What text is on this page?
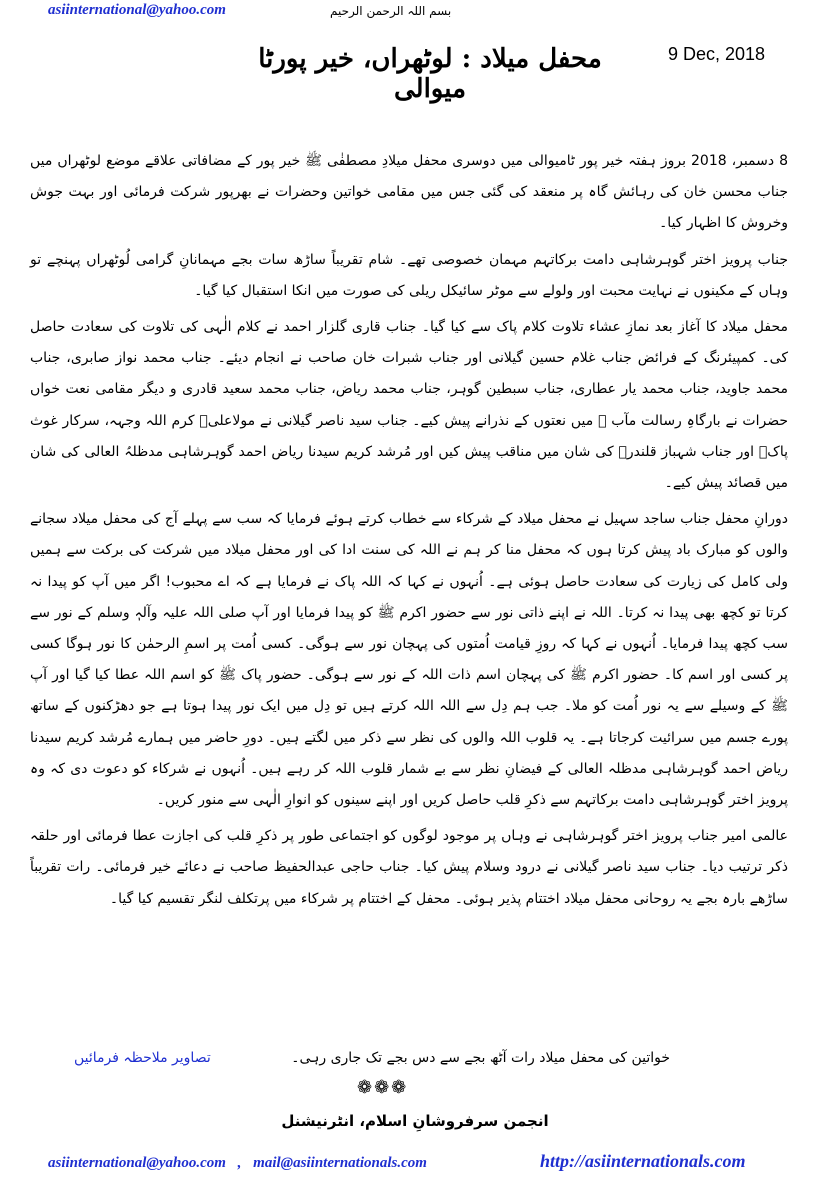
asiinternational@yahoo.com	بسم اللہ الرحمن الرحیم
9 Dec, 2018
محفل میلاد : لوٹھراں، خیر پورٹا میوالی

8 دسمبر، 2018 بروز ہفتہ خیر پور ٹامیوالی میں دوسری محفل میلادِ مصطفٰی ﷺ خیر پور کے مضافاتی علاقے موضع لوٹھراں میں جناب محسن خان کی رہائش گاہ پر منعقد کی گئی جس میں مقامی خواتین وحضرات نے بھرپور شرکت فرمائی اور بہت جوش وخروش کا اظہار کیا۔

جناب پرویز اختر گوہرشاہی دامت برکاتہم مہمان خصوصی تھے۔ شام تقریباً ساڑھ سات بجے مہمانانِ گرامی لُوٹھراں پہنچے تو وہاں کے مکینوں نے نہایت محبت اور ولولے سے موٹر سائیکل ریلی کی صورت میں انکا استقبال کیا گیا۔

محفل میلاد کا آغاز بعد نمازِ عشاء تلاوت کلام پاک سے کیا گیا۔ جناب قاری گلزار احمد نے کلام الٰہی کی تلاوت کی سعادت حاصل کی۔ کمپیئرنگ کے فرائض جناب غلام حسین گیلانی اور جناب شبرات خان صاحب نے انجام دیئے۔ جناب محمد نواز صابری، جناب محمد جاوید، جناب محمد یار عطاری، جناب سبطین گوہر، جناب محمد ریاض، جناب محمد سعید قادری و دیگر مقامی نعت خواں حضرات نے بارگاہِ رسالت مآب ﷺ میں نعتوں کے نذرانے پیش کیے۔ جناب سید ناصر گیلانی نے مولاعلیؑ کرم اللہ وجہہ، سرکار غوث پاکؓ اور جناب شہباز قلندرؒ کی شان میں مناقب پیش کیں اور مُرشد کریم سیدنا ریاض احمد گوہرشاہی مدظلہُ العالی کی شان میں قصائد پیش کیے۔

دورانِ محفل جناب ساجد سہیل نے محفل میلاد کے شرکاء سے خطاب کرتے ہوئے فرمایا کہ سب سے پہلے آج کی محفل میلاد سجانے والوں کو مبارک باد پیش کرتا ہوں کہ محفل منا کر ہم نے اللہ کی سنت ادا کی اور محفل میلاد میں شرکت کی برکت سے ہمیں ولی کامل کی زیارت کی سعادت حاصل ہوئی ہے۔ اُنہوں نے کہا کہ اللہ پاک نے فرمایا ہے کہ اے محبوب! اگر میں آپ کو پیدا نہ کرتا تو کچھ بھی پیدا نہ کرتا۔ اللہ نے اپنے ذاتی نور سے حضور اکرم ﷺ کو پیدا فرمایا اور آپ صلی اللہ علیہ وآلہٖ وسلم کے نور سے سب کچھ پیدا فرمایا۔ اُنہوں نے کہا کہ روزِ قیامت اُمتوں کی پہچان نور سے ہوگی۔ کسی اُمت پر اسمِ الرحمٰن کا نور ہوگا کسی پر کسی اور اسم کا۔ حضور اکرم ﷺ کی پہچان اسم ذات اللہ کے نور سے ہوگی۔ حضور پاک ﷺ کو اسم اللہ عطا کیا گیا اور آپ ﷺ کے وسیلے سے یہ نور اُمت کو ملا۔ جب ہم دِل سے اللہ اللہ کرتے ہیں تو دِل میں ایک نور پیدا ہوتا ہے جو دھڑکنوں کے ساتھ پورے جسم میں سرائیت کرجاتا ہے۔ یہ قلوب اللہ والوں کی نظر سے ذکر میں لگتے ہیں۔ دورِ حاضر میں ہمارے مُرشد کریم سیدنا ریاض احمد گوہرشاہی مدظلہ العالی کے فیضانِ نظر سے بے شمار قلوب اللہ کر رہے ہیں۔ اُنہوں نے شرکاء کو دعوت دی کہ وہ پرویز اختر گوہرشاہی دامت برکاتہم سے ذکرِ قلب حاصل کریں اور اپنے سینوں کو انوارِ الٰہی سے منور کریں۔

عالمی امیر جناب پرویز اختر گوہرشاہی نے وہاں پر موجود لوگوں کو اجتماعی طور پر ذکرِ قلب کی اجازت عطا فرمائی اور حلقہ ذکر ترتیب دیا۔ جناب سید ناصر گیلانی نے درود وسلام پیش کیا۔ جناب حاجی عبدالحفیظ صاحب نے دعائے خیر فرمائی۔ رات تقریباً ساڑھے بارہ بجے یہ روحانی محفل میلاد اختتام پذیر ہوئی۔ محفل کے اختتام پر شرکاء میں پرتکلف لنگر تقسیم کیا گیا۔

خواتین کی محفل میلاد رات آٹھ بجے سے دس بجے تک جاری رہی۔
تصاویر ملاحظہ فرمائیں
❁❁❁
انجمن سرفروشانِ اسلام، انٹرنیشنل
asiinternational@yahoo.com , mail@asiinternationals.com	http://asiinternationals.com
